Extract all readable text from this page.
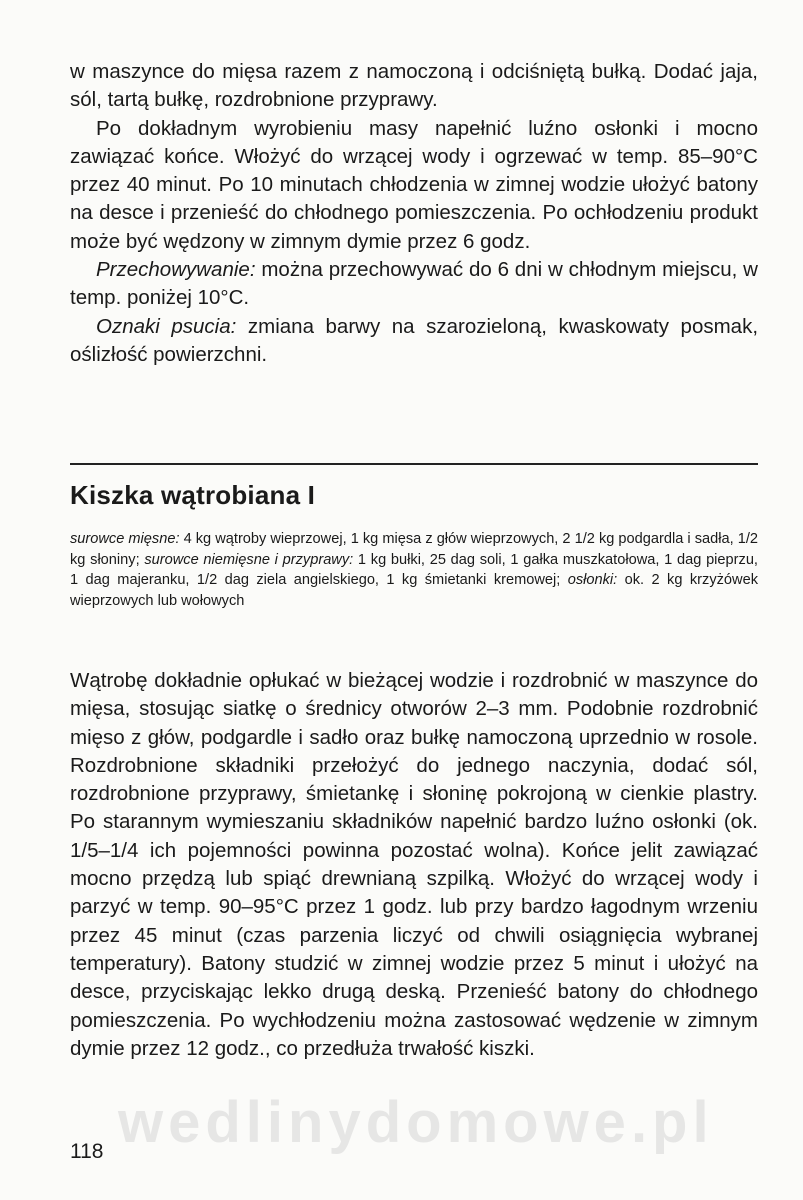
w maszynce do mięsa razem z namoczoną i odciśniętą bułką. Dodać jaja, sól, tartą bułkę, rozdrobnione przyprawy.

Po dokładnym wyrobieniu masy napełnić luźno osłonki i mocno zawiązać końce. Włożyć do wrzącej wody i ogrzewać w temp. 85–90°C przez 40 minut. Po 10 minutach chłodzenia w zimnej wodzie ułożyć batony na desce i przenieść do chłodnego pomieszczenia. Po ochłodzeniu produkt może być wędzony w zimnym dymie przez 6 godz.

Przechowywanie: można przechowywać do 6 dni w chłodnym miejscu, w temp. poniżej 10°C.

Oznaki psucia: zmiana barwy na szarozieloną, kwaskowaty posmak, oślizłość powierzchni.

Kiszka wątrobiana I

surowce mięsne: 4 kg wątroby wieprzowej, 1 kg mięsa z głów wieprzowych, 2 1/2 kg podgardla i sadła, 1/2 kg słoniny; surowce niemięsne i przyprawy: 1 kg bułki, 25 dag soli, 1 gałka muszkatołowa, 1 dag pieprzu, 1 dag majeranku, 1/2 dag ziela angielskiego, 1 kg śmietanki kremowej; osłonki: ok. 2 kg krzyżówek wieprzowych lub wołowych

Wątrobę dokładnie opłukać w bieżącej wodzie i rozdrobnić w maszynce do mięsa, stosując siatkę o średnicy otworów 2–3 mm. Podobnie rozdrobnić mięso z głów, podgardle i sadło oraz bułkę namoczoną uprzednio w rosole. Rozdrobnione składniki przełożyć do jednego naczynia, dodać sól, rozdrobnione przyprawy, śmietankę i słoninę pokrojoną w cienkie plastry. Po starannym wymieszaniu składników napełnić bardzo luźno osłonki (ok. 1/5–1/4 ich pojemności powinna pozostać wolna). Końce jelit zawiązać mocno przędzą lub spiąć drewnianą szpilką. Włożyć do wrzącej wody i parzyć w temp. 90–95°C przez 1 godz. lub przy bardzo łagodnym wrzeniu przez 45 minut (czas parzenia liczyć od chwili osiągnięcia wybranej temperatury). Batony studzić w zimnej wodzie przez 5 minut i ułożyć na desce, przyciskając lekko drugą deską. Przenieść batony do chłodnego pomieszczenia. Po wychłodzeniu można zastosować wędzenie w zimnym dymie przez 12 godz., co przedłuża trwałość kiszki.

wedlinydomowe.pl

118
